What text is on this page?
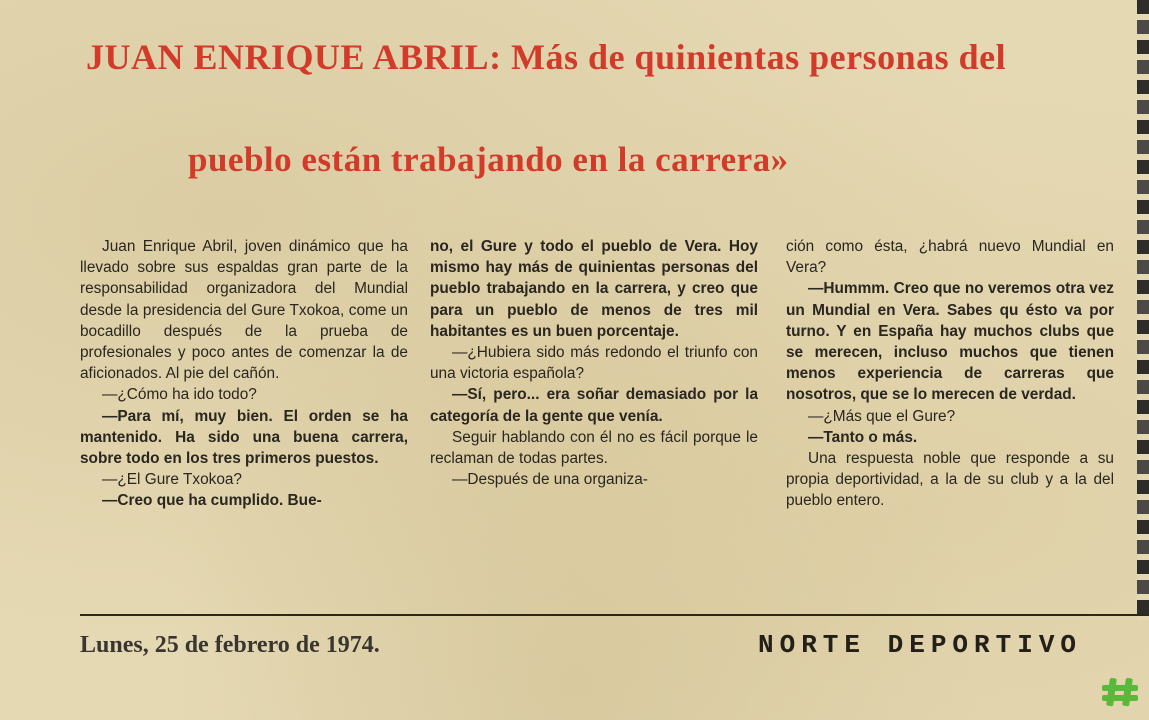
JUAN ENRIQUE ABRIL: Más de quinientas personas del
pueblo están trabajando en la carrera»

Juan Enrique Abril, joven dinámico que ha llevado sobre sus espaldas gran parte de la responsabilidad organizadora del Mundial desde la presidencia del Gure Txokoa, come un bocadillo después de la prueba de profesionales y poco antes de comenzar la de aficionados. Al pie del cañón.

—¿Cómo ha ido todo?

—Para mí, muy bien. El orden se ha mantenido. Ha sido una buena carrera, sobre todo en los tres primeros puestos.

—¿El Gure Txokoa?

—Creo que ha cumplido. Bue-

no, el Gure y todo el pueblo de Vera. Hoy mismo hay más de quinientas personas del pueblo trabajando en la carrera, y creo que para un pueblo de menos de tres mil habitantes es un buen porcentaje.

—¿Hubiera sido más redondo el triunfo con una victoria española?

—Sí, pero... era soñar demasiado por la categoría de la gente que venía.

Seguir hablando con él no es fácil porque le reclaman de todas partes.

—Después de una organiza-

ción como ésta, ¿habrá nuevo Mundial en Vera?

—Hummm. Creo que no veremos otra vez un Mundial en Vera. Sabes qu ésto va por turno. Y en España hay muchos clubs que se merecen, incluso muchos que tienen menos experiencia de carreras que nosotros, que se lo merecen de verdad.

—¿Más que el Gure?

—Tanto o más.

Una respuesta noble que responde a su propia deportividad, a la de su club y a la del pueblo entero.

Lunes, 25 de febrero de 1974.	NORTE DEPORTIVO
